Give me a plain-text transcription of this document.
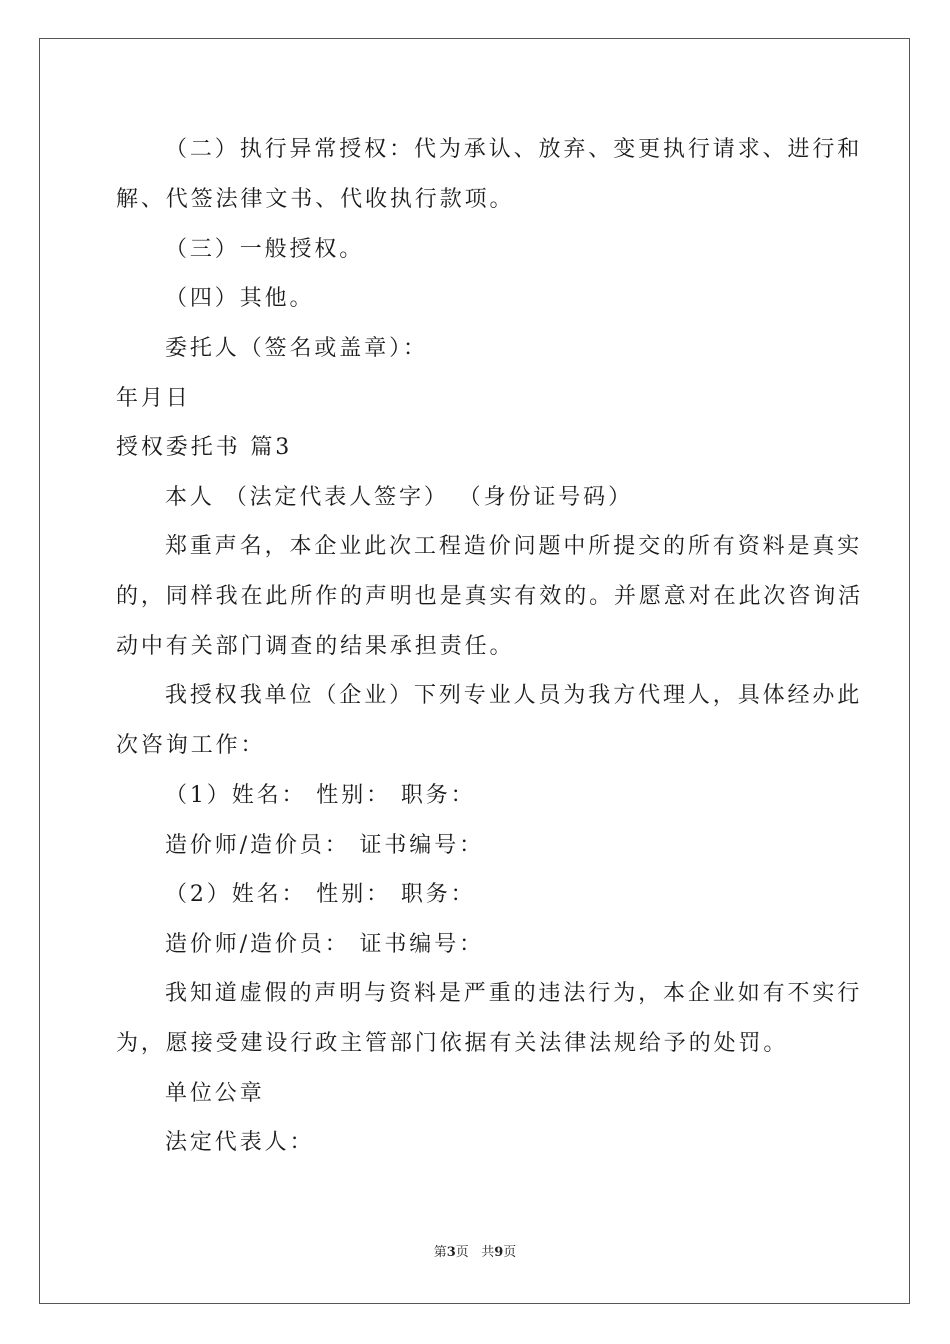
（二）执行异常授权：代为承认、放弃、变更执行请求、进行和
解、代签法律文书、代收执行款项。
（三）一般授权。
（四）其他。
委托人（签名或盖章）：
年月日
授权委托书 篇3
本人 （法定代表人签字） （身份证号码）
郑重声名，本企业此次工程造价问题中所提交的所有资料是真实
的，同样我在此所作的声明也是真实有效的。并愿意对在此次咨询活
动中有关部门调查的结果承担责任。
我授权我单位（企业）下列专业人员为我方代理人，具体经办此
次咨询工作：
（1）姓名： 性别： 职务：
造价师/造价员： 证书编号：
（2）姓名： 性别： 职务：
造价师/造价员： 证书编号：
我知道虚假的声明与资料是严重的违法行为，本企业如有不实行
为，愿接受建设行政主管部门依据有关法律法规给予的处罚。
单位公章
法定代表人：
第3页 共9页
